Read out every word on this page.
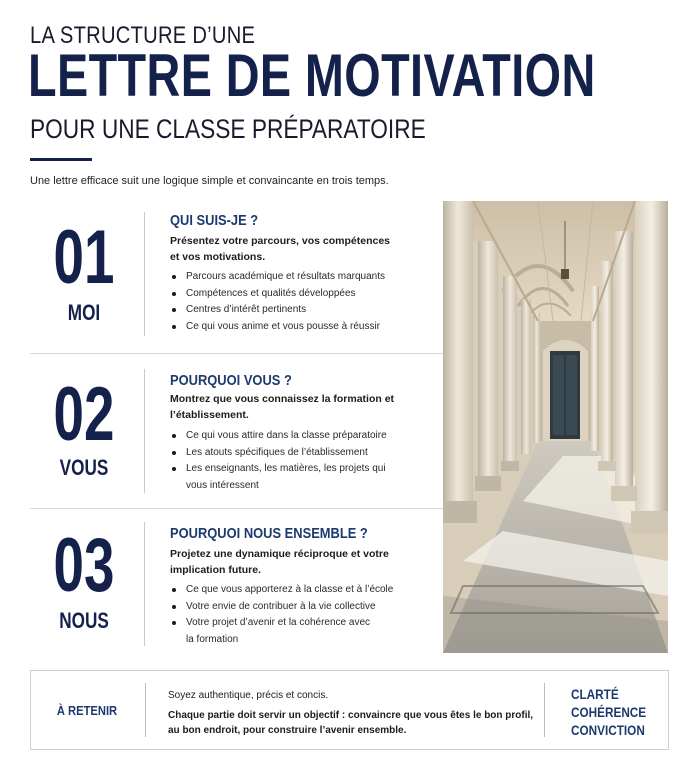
LA STRUCTURE D’UNE
LETTRE DE MOTIVATION
POUR UNE CLASSE PRÉPARATOIRE
Une lettre efficace suit une logique simple et convaincante en trois temps.
01
MOI
QUI SUIS-JE ?
Présentez votre parcours, vos compétences et vos motivations.
Parcours académique et résultats marquants
Compétences et qualités développées
Centres d’intérêt pertinents
Ce qui vous anime et vous pousse à réussir
02
VOUS
POURQUOI VOUS ?
Montrez que vous connaissez la formation et l’établissement.
Ce qui vous attire dans la classe préparatoire
Les atouts spécifiques de l’établissement
Les enseignants, les matières, les projets qui vous intéressent
03
NOUS
POURQUOI NOUS ENSEMBLE ?
Projetez une dynamique réciproque et votre implication future.
Ce que vous apporterez à la classe et à l’école
Votre envie de contribuer à la vie collective
Votre projet d’avenir et la cohérence avec la formation
À RETENIR
Soyez authentique, précis et concis.
Chaque partie doit servir un objectif : convaincre que vous êtes le bon profil, au bon endroit, pour construire l’avenir ensemble.
CLARTÉ
COHÉRENCE
CONVICTION
